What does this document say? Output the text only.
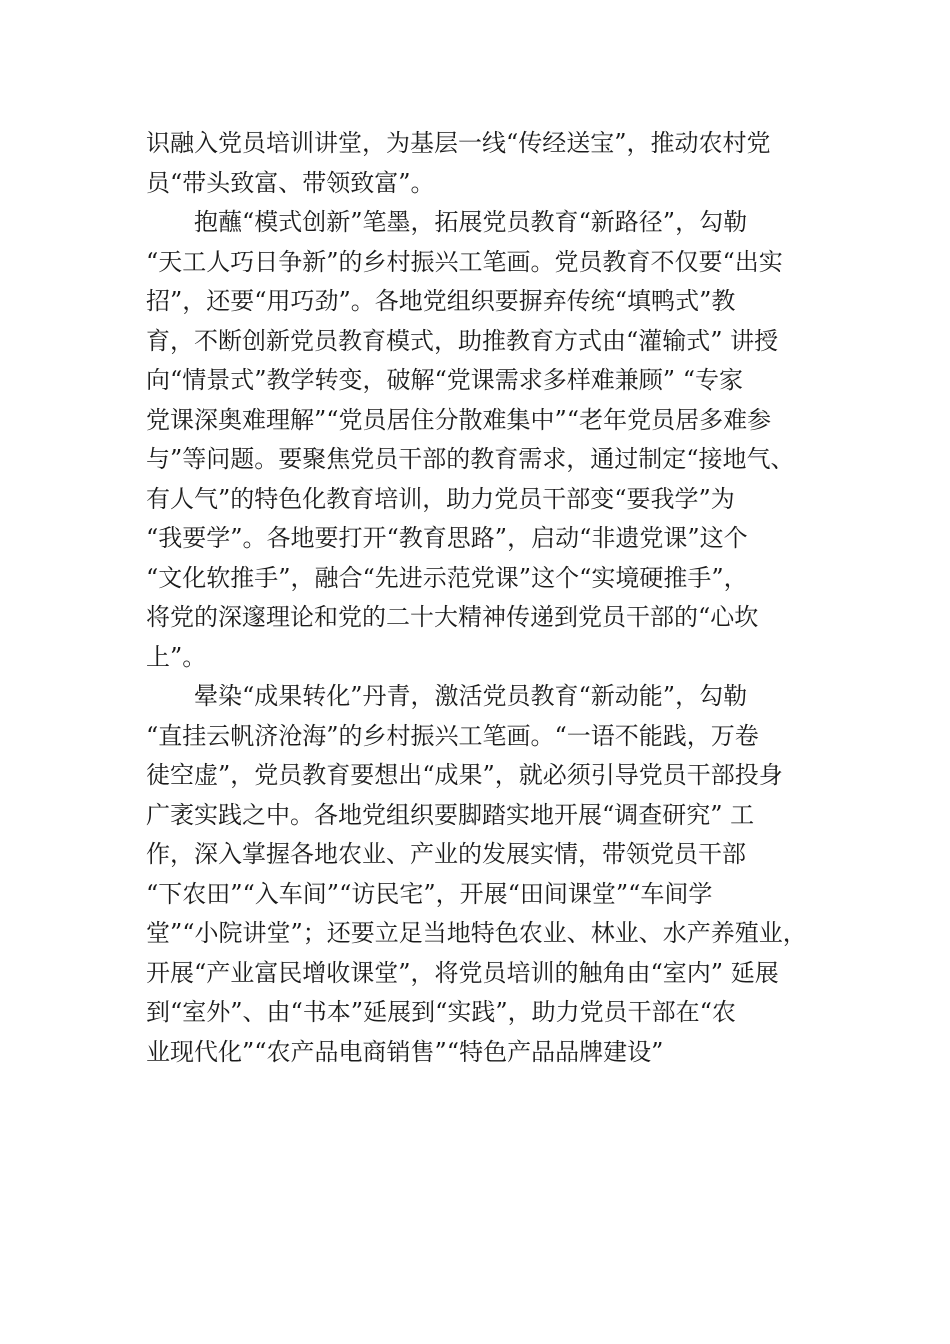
识融入党员培训讲堂，为基层一线“传经送宝”，推动农村党
员“带头致富、带领致富”。
　　抱蘸“模式创新”笔墨，拓展党员教育“新路径”，勾勒
“天工人巧日争新”的乡村振兴工笔画。党员教育不仅要“出实
招”，还要“用巧劲”。各地党组织要摒弃传统“填鸭式”教
育，不断创新党员教育模式，助推教育方式由“灌输式” 讲授
向“情景式”教学转变，破解“党课需求多样难兼顾” “专家
党课深奥难理解”“党员居住分散难集中”“老年党员居多难参
与”等问题。要聚焦党员干部的教育需求，通过制定“接地气、
有人气”的特色化教育培训，助力党员干部变“要我学”为
“我要学”。各地要打开“教育思路”，启动“非遗党课”这个
“文化软推手”，融合“先进示范党课”这个“实境硬推手”，
将党的深邃理论和党的二十大精神传递到党员干部的“心坎
上”。
　　晕染“成果转化”丹青，激活党员教育“新动能”，勾勒
“直挂云帆济沧海”的乡村振兴工笔画。“一语不能践，万卷
徒空虚”，党员教育要想出“成果”，就必须引导党员干部投身
广袤实践之中。各地党组织要脚踏实地开展“调查研究” 工
作，深入掌握各地农业、产业的发展实情，带领党员干部
“下农田”“入车间”“访民宅”，开展“田间课堂”“车间学
堂”“小院讲堂”；还要立足当地特色农业、林业、水产养殖业，
开展“产业富民增收课堂”，将党员培训的触角由“室内” 延展
到“室外”、由“书本”延展到“实践”，助力党员干部在“农
业现代化”“农产品电商销售”“特色产品品牌建设”
